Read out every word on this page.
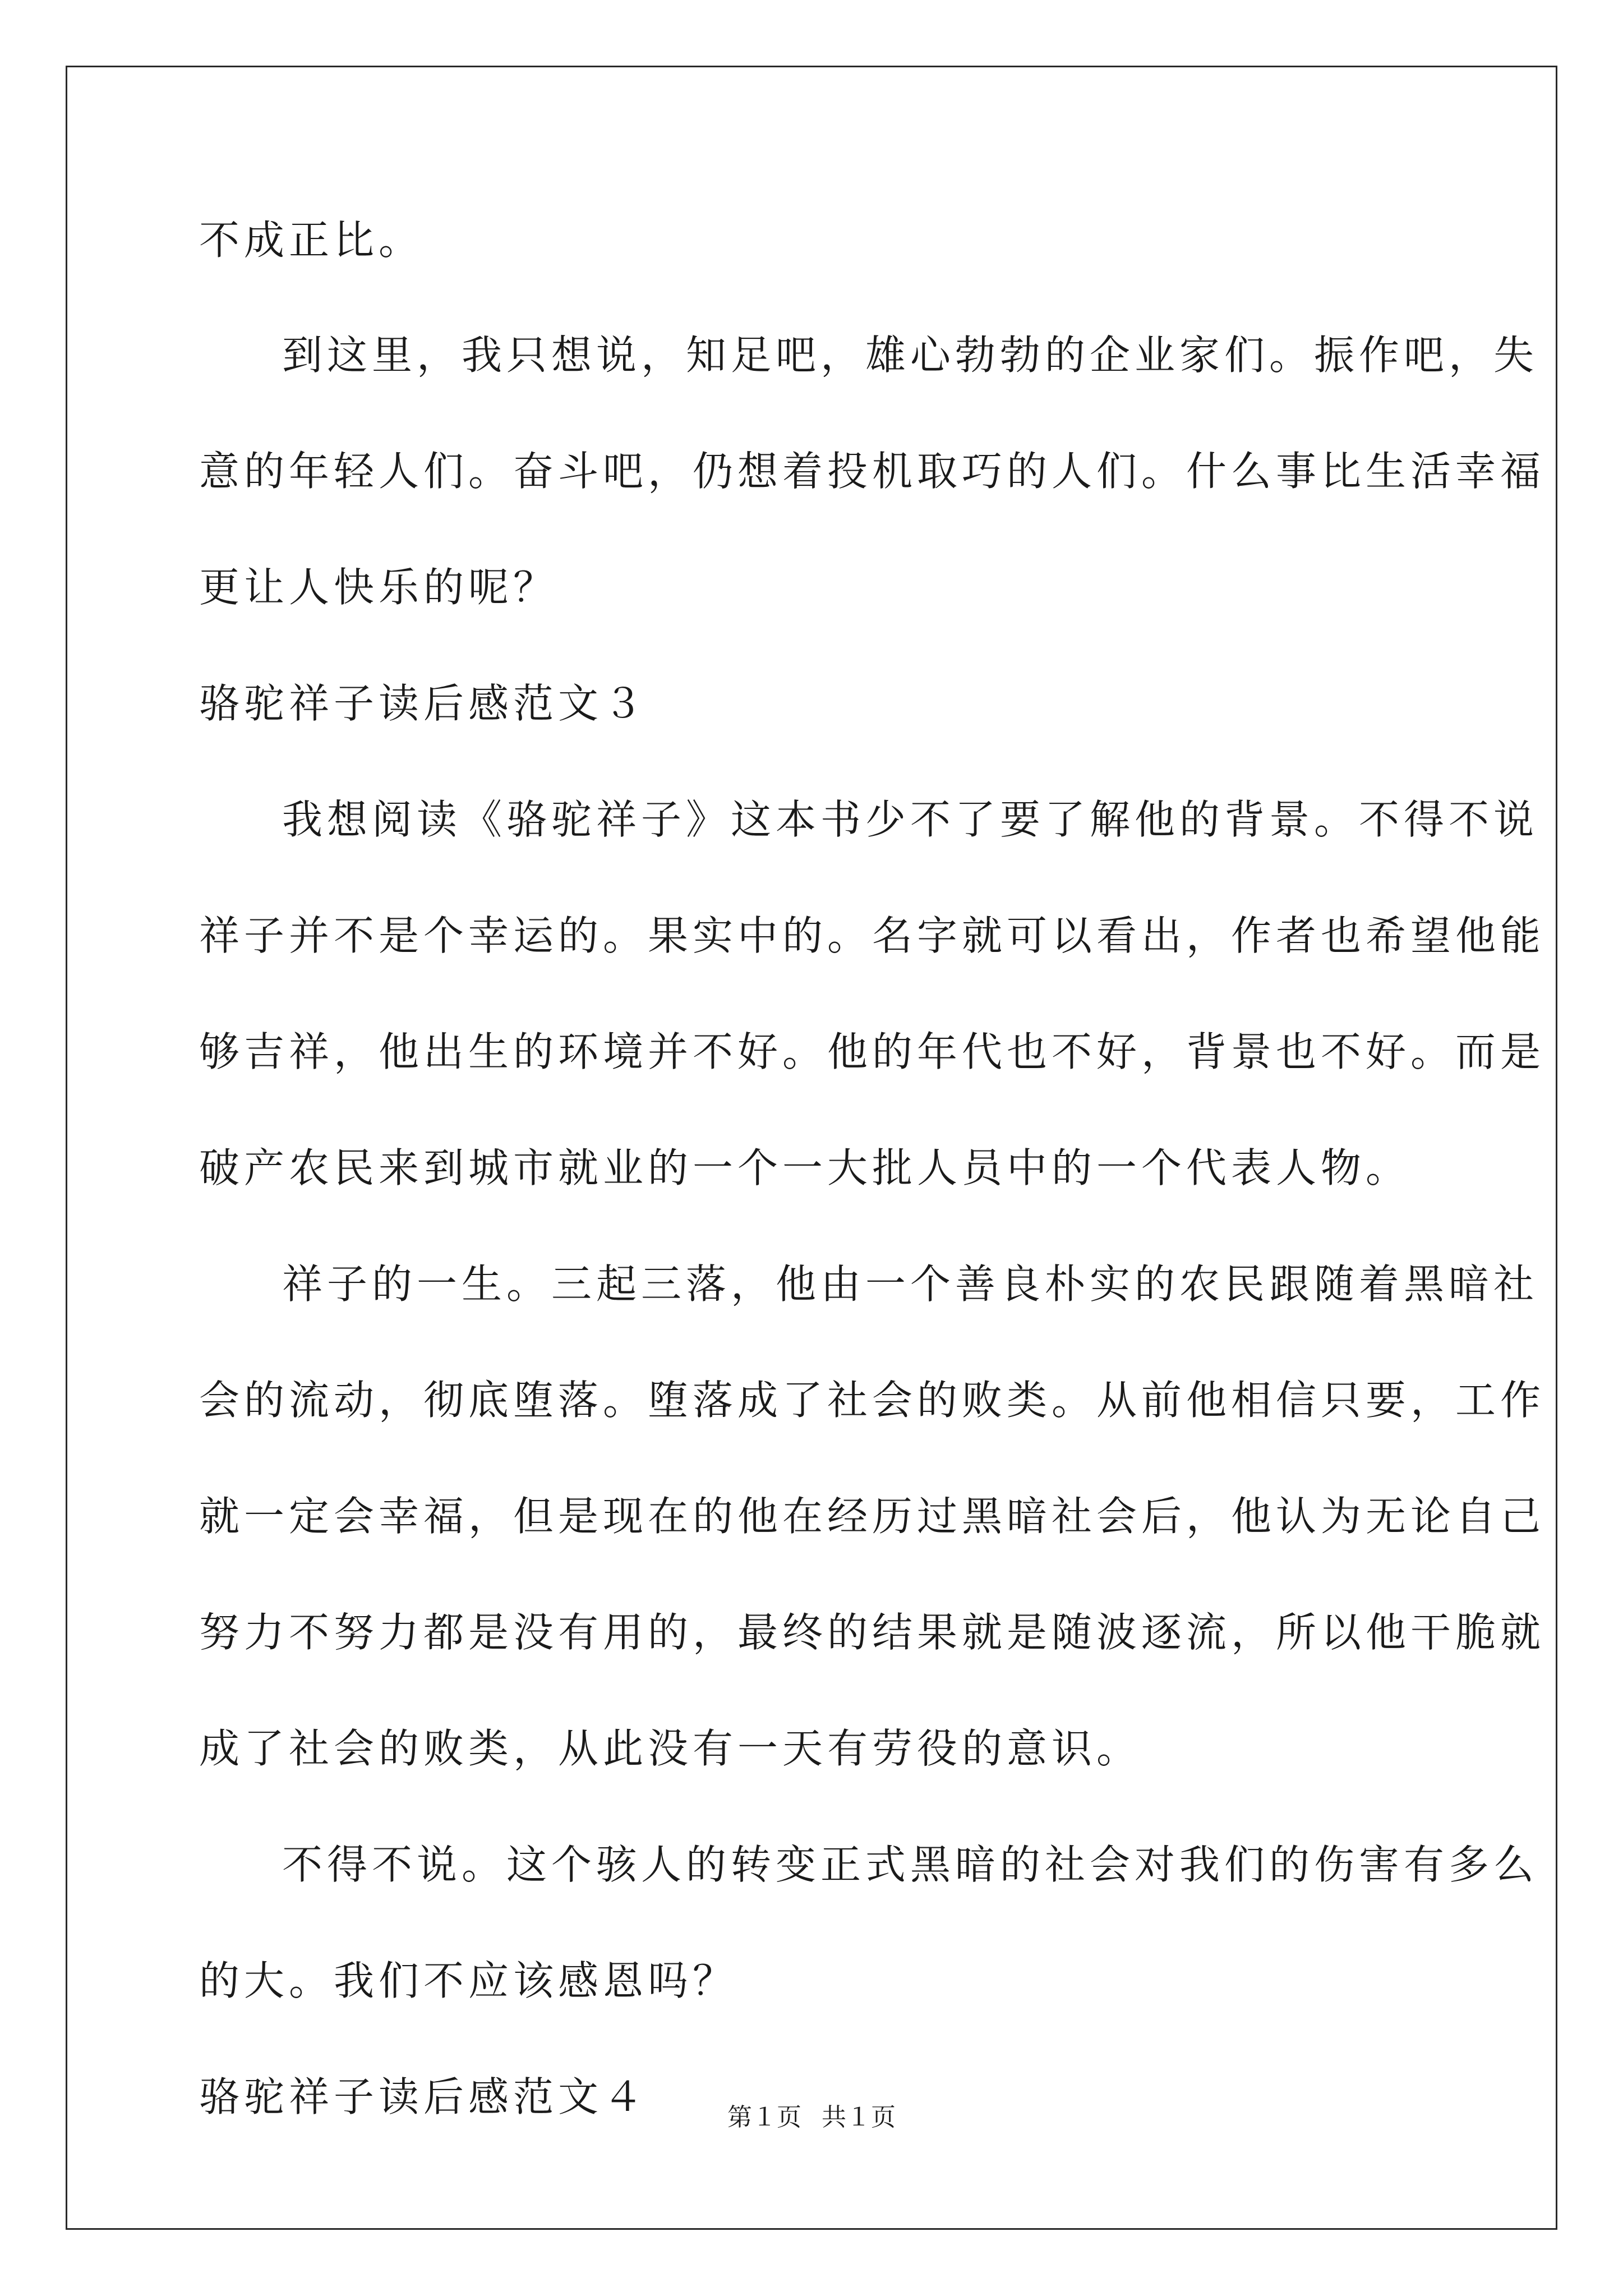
不成正比。
到这里，我只想说，知足吧，雄心勃勃的企业家们。振作吧，失
意的年轻人们。奋斗吧，仍想着投机取巧的人们。什么事比生活幸福
更让人快乐的呢？
骆驼祥子读后感范文３
我想阅读《骆驼祥子》这本书少不了要了解他的背景。不得不说
祥子并不是个幸运的。果实中的。名字就可以看出，作者也希望他能
够吉祥，他出生的环境并不好。他的年代也不好，背景也不好。而是
破产农民来到城市就业的一个一大批人员中的一个代表人物。
祥子的一生。三起三落，他由一个善良朴实的农民跟随着黑暗社
会的流动，彻底堕落。堕落成了社会的败类。从前他相信只要，工作
就一定会幸福，但是现在的他在经历过黑暗社会后，他认为无论自己
努力不努力都是没有用的，最终的结果就是随波逐流，所以他干脆就
成了社会的败类，从此没有一天有劳役的意识。
不得不说。这个骇人的转变正式黑暗的社会对我们的伤害有多么
的大。我们不应该感恩吗？
骆驼祥子读后感范文４	第１页 共１页
